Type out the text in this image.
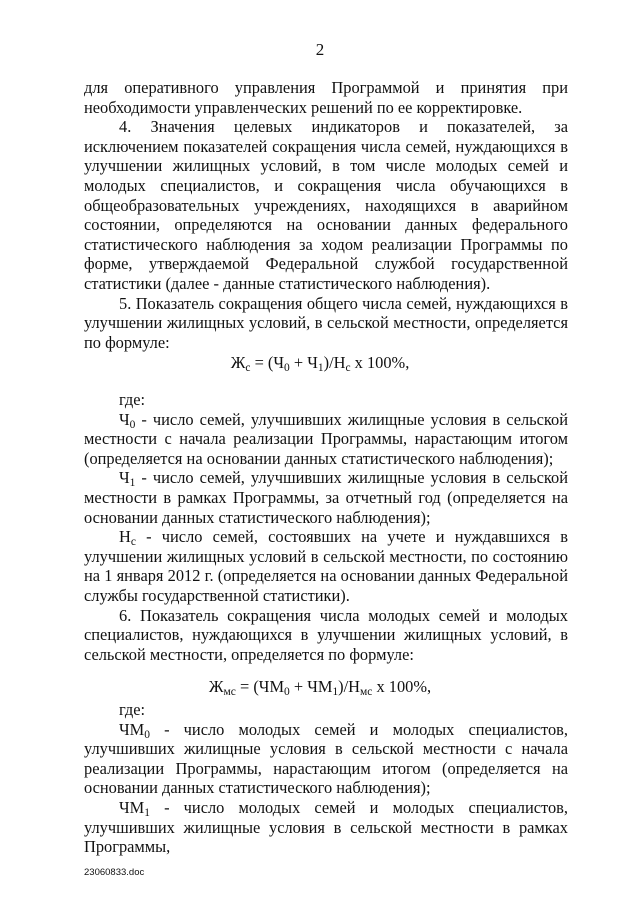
2

для оперативного управления Программой и принятия при необходимости управленческих решений по ее корректировке.

4. Значения целевых индикаторов и показателей, за исключением показателей сокращения числа семей, нуждающихся в улучшении жилищных условий, в том числе молодых семей и молодых специалистов, и сокращения числа обучающихся в общеобразовательных учреждениях, находящихся в аварийном состоянии, определяются на основании данных федерального статистического наблюдения за ходом реализации Программы по форме, утверждаемой Федеральной службой государственной статистики (далее - данные статистического наблюдения).

5. Показатель сокращения общего числа семей, нуждающихся в улучшении жилищных условий, в сельской местности, определяется по формуле:

$Ж_с = (Ч_0 + Ч_1)/Н_с$ х 100%,

где:

$Ч_0$ - число семей, улучшивших жилищные условия в сельской местности с начала реализации Программы, нарастающим итогом (определяется на основании данных статистического наблюдения);

$Ч_1$ - число семей, улучшивших жилищные условия в сельской местности в рамках Программы, за отчетный год (определяется на основании данных статистического наблюдения);

$Н_с$ - число семей, состоявших на учете и нуждавшихся в улучшении жилищных условий в сельской местности, по состоянию на 1 января 2012 г. (определяется на основании данных Федеральной службы государственной статистики).

6. Показатель сокращения числа молодых семей и молодых специалистов, нуждающихся в улучшении жилищных условий, в сельской местности, определяется по формуле:

$Ж_{мс} = (ЧМ_0 + ЧМ_1)/Н_{мс}$ х 100%,

где:

$ЧМ_0$ - число молодых семей и молодых специалистов, улучшивших жилищные условия в сельской местности с начала реализации Программы, нарастающим итогом (определяется на основании данных статистического наблюдения);

$ЧМ_1$ - число молодых семей и молодых специалистов, улучшивших жилищные условия в сельской местности в рамках Программы,

23060833.doc
